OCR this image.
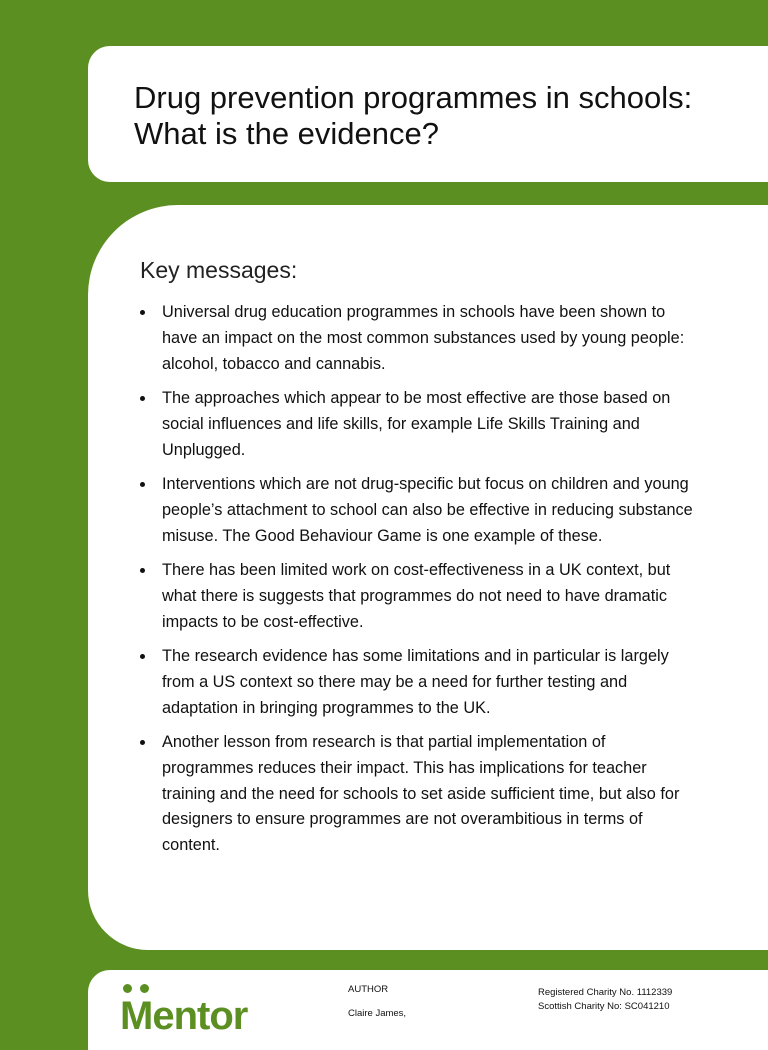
Drug prevention programmes in schools:
What is the evidence?
Key messages:
Universal drug education programmes in schools have been shown to have an impact on the most common substances used by young people: alcohol, tobacco and cannabis.
The approaches which appear to be most effective are those based on social influences and life skills, for example Life Skills Training and Unplugged.
Interventions which are not drug-specific but focus on children and young people’s attachment to school can also be effective in reducing substance misuse. The Good Behaviour Game is one example of these.
There has been limited work on cost-effectiveness in a UK context, but what there is suggests that programmes do not need to have dramatic impacts to be cost-effective.
The research evidence has some limitations and in particular is largely from a US context so there may be a need for further testing and adaptation in bringing programmes to the UK.
Another lesson from research is that partial implementation of programmes reduces their impact. This has implications for teacher training and the need for schools to set aside sufficient time, but also for designers to ensure programmes are not overambitious in terms of content.
Mentor
AUTHOR
Claire James,
Registered Charity No. 1112339
Scottish Charity No: SC041210
